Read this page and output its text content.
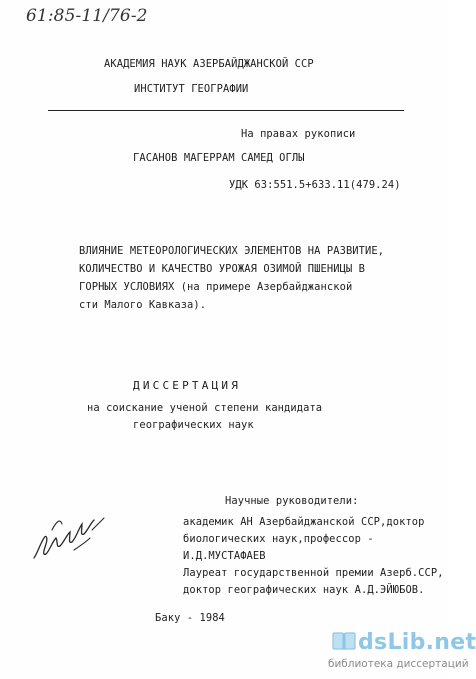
61:85-11/76-2
АКАДЕМИЯ НАУК АЗЕРБАЙДЖАНСКОЙ ССР
ИНСТИТУТ ГЕОГРАФИИ
На правах рукописи
ГАСАНОВ МАГЕРРАМ САМЕД ОГЛЫ
УДК 63:551.5+633.11(479.24)
ВЛИЯНИЕ МЕТЕОРОЛОГИЧЕСКИХ ЭЛЕМЕНТОВ НА РАЗВИТИЕ,
КОЛИЧЕСТВО И КАЧЕСТВО УРОЖАЯ ОЗИМОЙ ПШЕНИЦЫ В
ГОРНЫХ УСЛОВИЯХ (на примере Азербайджанской
сти Малого Кавказа).
ДИССЕРТАЦИЯ
на соискание ученой степени кандидата
географических наук
Научные руководители:
академик АН Азербайджанской ССР,доктор
биологических наук,профессор -
И.Д.МУСТАФАЕВ
Лауреат государственной премии Азерб.ССР,
доктор географических наук А.Д.ЭЙЮБОВ.
Баку - 1984
dsLib.net
библиотека диссертаций
